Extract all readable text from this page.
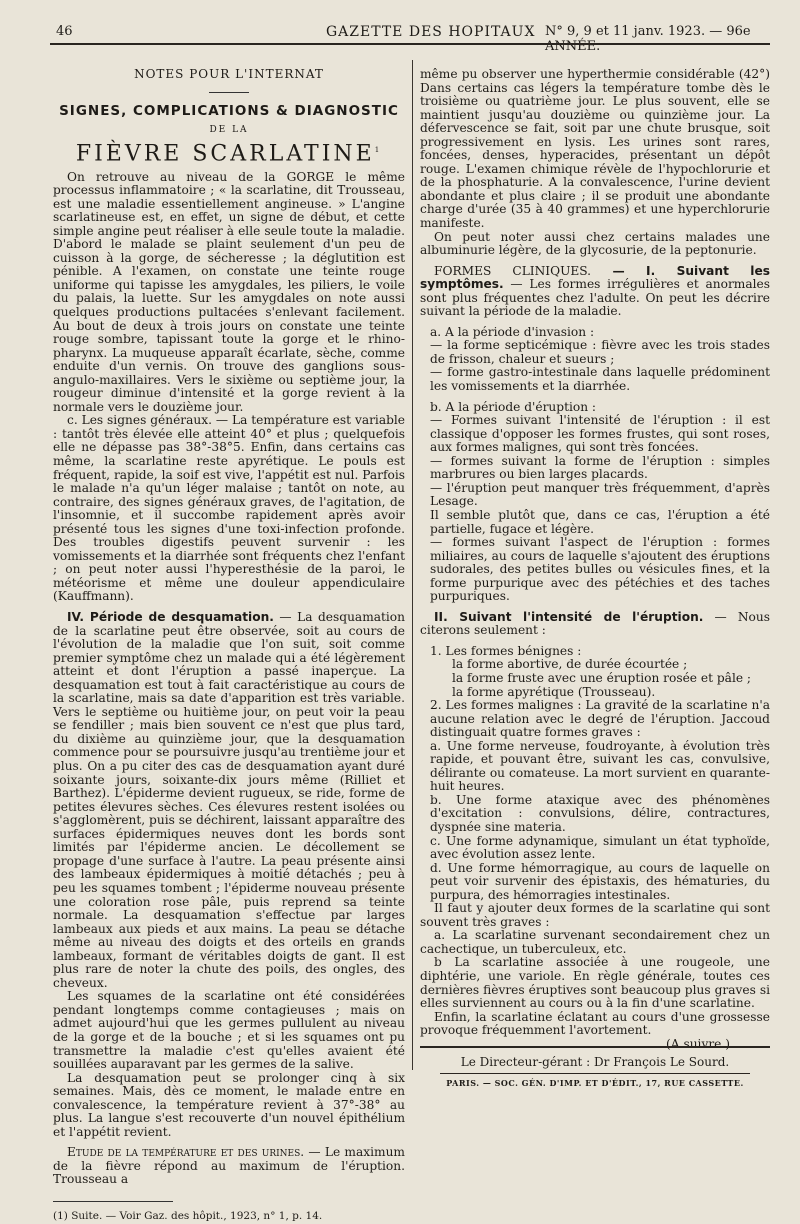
46	GAZETTE DES HOPITAUX N° 9, 9 et 11 janv. 1923. — 96e ANNÉE.
NOTES POUR L'INTERNAT
SIGNES, COMPLICATIONS & DIAGNOSTIC
DE LA
FIÈVRE SCARLATINE$^1$

On retrouve au niveau de la GORGE le même processus inflammatoire ; « la scarlatine, dit Trousseau, est une maladie essentiellement angineuse. » L'angine scarlatineuse est, en effet, un signe de début, et cette simple angine peut réaliser à elle seule toute la maladie. D'abord le malade se plaint seulement d'un peu de cuisson à la gorge, de sécheresse ; la déglutition est pénible. A l'examen, on constate une teinte rouge uniforme qui tapisse les amygdales, les piliers, le voile du palais, la luette. Sur les amygdales on note aussi quelques productions pultacées s'enlevant facilement. Au bout de deux à trois jours on constate une teinte rouge sombre, tapissant toute la gorge et le rhino-pharynx. La muqueuse apparaît écarlate, sèche, comme enduite d'un vernis. On trouve des ganglions sous-angulo-maxillaires. Vers le sixième ou septième jour, la rougeur diminue d'intensité et la gorge revient à la normale vers le douzième jour.

c. Les signes généraux. — La température est variable : tantôt très élevée elle atteint 40° et plus ; quelquefois elle ne dépasse pas 38°-38°5. Enfin, dans certains cas même, la scarlatine reste apyrétique. Le pouls est fréquent, rapide, la soif est vive, l'appétit est nul. Parfois le malade n'a qu'un léger malaise ; tantôt on note, au contraire, des signes généraux graves, de l'agitation, de l'insomnie, et il succombe rapidement après avoir présenté tous les signes d'une toxi-infection profonde. Des troubles digestifs peuvent survenir : les vomissements et la diarrhée sont fréquents chez l'enfant ; on peut noter aussi l'hyperesthésie de la paroi, le météorisme et même une douleur appendiculaire (Kauffmann).

IV. Période de desquamation. — La desquamation de la scarlatine peut être observée, soit au cours de l'évolution de la maladie que l'on suit, soit comme premier symptôme chez un malade qui a été légèrement atteint et dont l'éruption a passé inaperçue. La desquamation est tout à fait caractéristique au cours de la scarlatine, mais sa date d'apparition est très variable. Vers le septième ou huitième jour, on peut voir la peau se fendiller ; mais bien souvent ce n'est que plus tard, du dixième au quinzième jour, que la desquamation commence pour se poursuivre jusqu'au trentième jour et plus. On a pu citer des cas de desquamation ayant duré soixante jours, soixante-dix jours même (Rilliet et Barthez). L'épiderme devient rugueux, se ride, forme de petites élevures sèches. Ces élevures restent isolées ou s'agglomèrent, puis se déchirent, laissant apparaître des surfaces épidermiques neuves dont les bords sont limités par l'épiderme ancien. Le décollement se propage d'une surface à l'autre. La peau présente ainsi des lambeaux épidermiques à moitié détachés ; peu à peu les squames tombent ; l'épiderme nouveau présente une coloration rose pâle, puis reprend sa teinte normale. La desquamation s'effectue par larges lambeaux aux pieds et aux mains. La peau se détache même au niveau des doigts et des orteils en grands lambeaux, formant de véritables doigts de gant. Il est plus rare de noter la chute des poils, des ongles, des cheveux.

Les squames de la scarlatine ont été considérées pendant longtemps comme contagieuses ; mais on admet aujourd'hui que les germes pullulent au niveau de la gorge et de la bouche ; et si les squames ont pu transmettre la maladie c'est qu'elles avaient été souillées auparavant par les germes de la salive.

La desquamation peut se prolonger cinq à six semaines. Mais, dès ce moment, le malade entre en convalescence, la température revient à 37°-38° au plus. La langue s'est recouverte d'un nouvel épithélium et l'appétit revient.

Etude de la température et des urines. — Le maximum de la fièvre répond au maximum de l'éruption. Trousseau a

(1) Suite. — Voir Gaz. des hôpit., 1923, n° 1, p. 14.

même pu observer une hyperthermie considérable (42°) Dans certains cas légers la température tombe dès le troisième ou quatrième jour. Le plus souvent, elle se maintient jusqu'au douzième ou quinzième jour. La défervescence se fait, soit par une chute brusque, soit progressivement en lysis. Les urines sont rares, foncées, denses, hyperacides, présentant un dépôt rouge. L'examen chimique révèle de l'hypochlorurie et de la phosphaturie. A la convalescence, l'urine devient abondante et plus claire ; il se produit une abondante charge d'urée (35 à 40 grammes) et une hyperchlorurie manifeste.

On peut noter aussi chez certains malades une albuminurie légère, de la glycosurie, de la peptonurie.

FORMES CLINIQUES. — I. Suivant les symptômes. — Les formes irrégulières et anormales sont plus fréquentes chez l'adulte. On peut les décrire suivant la période de la maladie.

a. A la période d'invasion :

— la forme septicémique : fièvre avec les trois stades de frisson, chaleur et sueurs ;

— forme gastro-intestinale dans laquelle prédominent les vomissements et la diarrhée.

b. A la période d'éruption :

— Formes suivant l'intensité de l'éruption : il est classique d'opposer les formes frustes, qui sont roses, aux formes malignes, qui sont très foncées.

— formes suivant la forme de l'éruption : simples marbrures ou bien larges placards.

— l'éruption peut manquer très fréquemment, d'après Lesage.

Il semble plutôt que, dans ce cas, l'éruption a été partielle, fugace et légère.

— formes suivant l'aspect de l'éruption : formes miliaires, au cours de laquelle s'ajoutent des éruptions sudorales, des petites bulles ou vésicules fines, et la forme purpurique avec des pétéchies et des taches purpuriques.

II. Suivant l'intensité de l'éruption. — Nous citerons seulement :

1. Les formes bénignes :

la forme abortive, de durée écourtée ;

la forme fruste avec une éruption rosée et pâle ;

la forme apyrétique (Trousseau).

2. Les formes malignes : La gravité de la scarlatine n'a aucune relation avec le degré de l'éruption. Jaccoud distinguait quatre formes graves :

a. Une forme nerveuse, foudroyante, à évolution très rapide, et pouvant être, suivant les cas, convulsive, délirante ou comateuse. La mort survient en quarante-huit heures.

b. Une forme ataxique avec des phénomènes d'excitation : convulsions, délire, contractures, dyspnée sine materia.

c. Une forme adynamique, simulant un état typhoïde, avec évolution assez lente.

d. Une forme hémorragique, au cours de laquelle on peut voir survenir des épistaxis, des hématuries, du purpura, des hémorragies intestinales.

Il faut y ajouter deux formes de la scarlatine qui sont souvent très graves :

a. La scarlatine survenant secondairement chez un cachectique, un tuberculeux, etc.

b La scarlatine associée à une rougeole, une diphtérie, une variole. En règle générale, toutes ces dernières fièvres éruptives sont beaucoup plus graves si elles surviennent au cours ou à la fin d'une scarlatine.

Enfin, la scarlatine éclatant au cours d'une grossesse provoque fréquemment l'avortement.

(A suivre.)

Le Directeur-gérant : Dr François Le Sourd.
PARIS. — SOC. GÉN. D'IMP. ET D'ÉDIT., 17, RUE CASSETTE.
